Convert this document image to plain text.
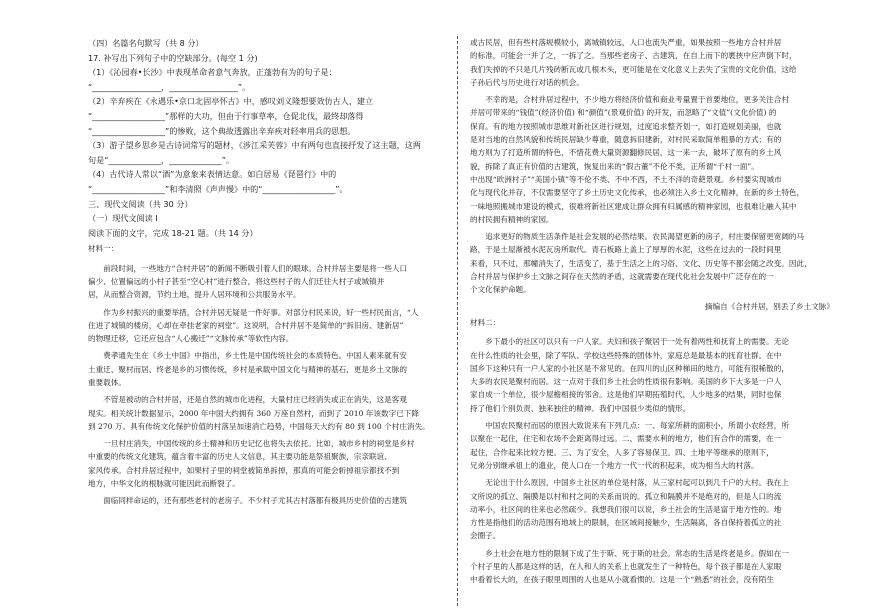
（四）名篇名句默写（共 8 分）
17. 补写出下列句子中的空缺部分。(每空 1 分)
（1）《沁园春•长沙》中表现革命者意气奔放，正蓬勃有为的句子是：
“_________________，_________________”。
（2）辛弃疾在《永遇乐•京口北固亭怀古》中，感叹刘义隆想要效仿古人，建立
“__________________”那样的大功，但由于行事草率，仓促北伐，最终却落得
“__________________”的惨败，这个典故透露出辛弃疾对轻率用兵的思想。
（3）游子望乡思乡是古诗词常写的题材，《涉江采芙蓉》中有两句也直接抒发了这主题，这两
句是“_____________，_____________”。
（4）古代诗人常以“酒”为意象来表情达意。如白居易《琵琶行》中的
“__________________”和李清照《声声慢》中的“__________________”。
三、现代文阅读（共 30 分）
（一）现代文阅读 I
阅读下面的文字，完成 18-21 题。（共 14 分）
材料一：
前段时间，一些地方“合村并居”的新闻不断吸引着人们的眼球。合村并居主要是将一些人口
偏少、位置偏远的小村子甚至“空心村”进行整合，将这些村子的人们迁往大村子或城镇并
居，从而整合资源，节约土地，提升人居环境和公共服务水平。
作为乡村振兴的重要举措，合村并居无疑是一件好事。对部分村民来说，好一些村民而言，“人
住进了城镇的楼房，心却在牵挂老家的祠堂”。这说明，合村并居不是简单的“拆旧房、建新居”
的物理迁移，它还应包含“人心搬迁”“文脉传承”等软性内容。
费孝通先生在《乡土中国》中指出，乡土性是中国传统社会的本质特色。中国人素来就有安
土重迁、聚村而居、终老是乡的习惯传统，乡村是承载中国文化与精神的基石，更是乡土文脉的
重要载体。
不管是被动的合村并居，还是自然的城市化进程，大量村庄已经消失或正在消失，这是客观
现实。相关统计数据显示，2000 年中国大约拥有 360 万座自然村，而到了 2010 年该数字已下降
到 270 万。具有传统文化保护价值的村落呈加速消亡趋势，中国每天大约有 80 到 100 个村庄消失。
一旦村庄消失，中国传统的乡土精神和历史记忆也将失去依托。比如，城市乡村的祠堂是乡村
中重要的传统文化建筑，蕴含着丰富的历史人文信息，其主要功能是祭祖聚族，宗亲联谊、
家风传承。合村并居过程中，如果村子里的祠堂被简单拆掉，那真的可能会斩掉祖宗都找不到
地方，中华文化的根脉就可能因此而断裂了。
面临同样命运的，还有那些老村的老房子。不少村子尤其古村落都有极具历史价值的古建筑
或古民居，但有些村落规模较小，离城镇较远，人口也流失严重，如果按照一些地方合村并居
的标准，可能会一并了之，一拆了之。当那些老房子、古建筑，在自上而下的裹挟中应声倒下时，
我们失掉的不只是几片残砖断瓦或几根木头，更可能是在文化意义上丢失了宝贵的文化价值，这给
子孙后代与历史进行对话的机会。
不幸的是，合村并居过程中，不少地方将经济价值和商业考量置于首要地位，更多关注合村
并居可带来的“钱值”(经济价值) 和“颜值”(景观价值) 的开发，而忽略了“文值”(文化价值) 的
保育。有的地方按照城市思维对新社区进行规划，过度追求整齐划一，如打造规划美丽，也就
是对当地的自然风貌和传统民居缺少尊重，随意拆旧建新，对村民采取简单粗暴的方式；有的
地方则为了打造所谓的特色，不惜花费大量资源翻修民居，这一来一去，破坏了原有的乡土风
貌，拆除了真正有价值的古建筑，恢复出来的“假古董”不伦不类，正所谓“千村一面”。
中出现“欧洲村子”“美国小镇”等不伦不类、不中不西，不土不洋的奇葩景观。乡村要实现城市
化与现代化并存，不仅需要坚守了乡土历史文化传承，也必须注入乡土文化精神，在新的乡土特色，
一味地照搬城市建设的模式，很难将新社区建成让群众拥有归属感的精神家园，也很难让融入其中
的村民拥有精神的家园。
追求更好的物质生活条件是社会发展的必然结果。农民渴望更新的房子，村庄要保留更宽阔的马
路，于是土屋渐被水泥瓦房所取代。青石板路上盖上了厚厚的水泥，这些在过去的一段时间里
来看，只不过，那幢消失了，生活变了，基于生活之上的习俗、文化、历史等不都会随之改变。因此，
合村并居与保护乡土文脉之间存在天然的矛盾，这就需要在现代化社会发展中广泛存在的一
个文化保护命题。
摘编自《合村并居，别丢了乡土文脉》
材料二：
乡下最小的社区可以只有一户人家。夫妇和孩子聚居于一处有着两性和抚育上的需要。无论
在什么性质的社会里，除了军队、学校这些特殊的团体外，家庭总是最基本的抚育社群。在中
国乡下这种只有一户人家的小社区是不常见的。在四川的山区种梯田的地方，可能有很稀散的，
大多的农民是聚村而居。这一点对于我们乡土社会的性质很有影响。美国的乡下大多是一户人
家自成一个单位，很少屋檐相接的邻舍。这是他们早期拓殖时代，人少地多的结果，同时也保
持了他们个别负责、独来独往的精神。我们中国很少类似的情形。
中国农民聚村而居的原因大致说来有下列几点：一、每家所耕的面积小，所谓小农经营，所
以聚在一起住，住宅和农场不会距离得过远。二、需要水利的地方，他们有合作的需要，在一
起住，合作起来比较方便。三、为了安全，人多了容易保卫。四、土地平等继承的原则下，
兄弟分别继承祖上的遗业，使人口在一个地方一代一代的积起来，成为相当大的村落。
无论出于什么原因，中国乡土社区的单位是村落，从三家村起可以到几千户的大村。我在上
文所说的孤立、隔膜是以村和村之间的关系而说的。孤立和隔膜并不是绝对的，但是人口的流
动率小，社区间的往来也必然疏少。我想我们很可以说，乡土社会的生活是富于地方性的。地
方性是指他们的活动范围有地域上的限制，在区域间接触少，生活隔离，各自保持着孤立的社
会圈子。
乡土社会在地方性的限制下成了生于斯、死于斯的社会。常态的生活是终老是乡。假如在一
个村子里的人都是这样的话，在人和人的关系上也就发生了一种特色，每个孩子都是在人家眼
中看着长大的，在孩子眼里周围的人也是从小就看惯的。这是一个“熟悉”的社会，没有陌生
